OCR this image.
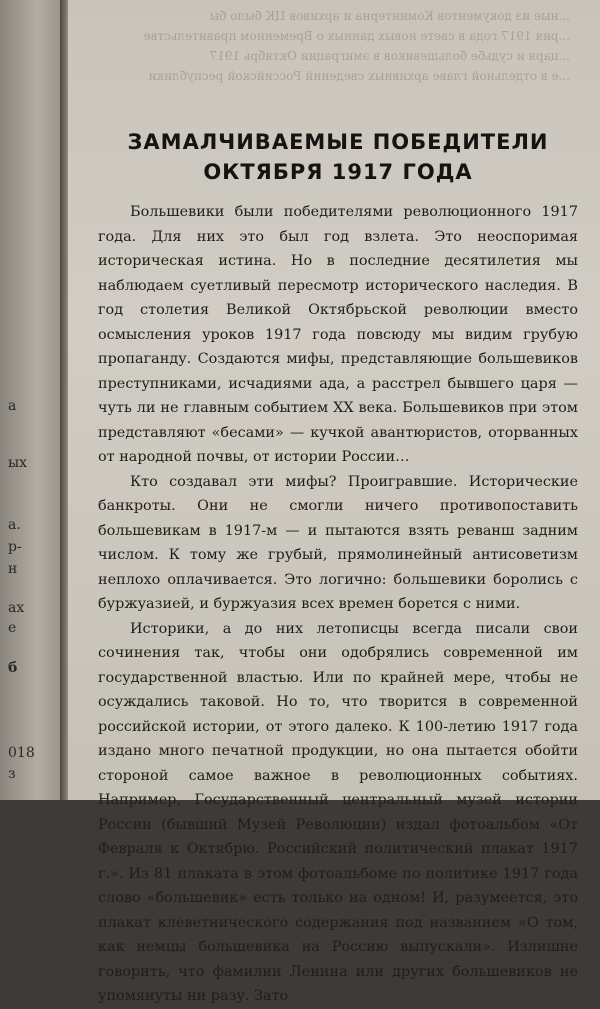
а
ых
а.
р-
н
ах
е
б
018
з
...ные из документов Коминтерна и архивов ЦК было бы
...рия 1917 года в свете новых данных о Временном правительстве
...царя и судьбе большевиков в эмиграции Октябрь 1917
...е в отдельной главе архивных сведений Российской республики
ЗАМАЛЧИВАЕМЫЕ ПОБЕДИТЕЛИ
ОКТЯБРЯ 1917 ГОДА

Большевики были победителями революционного 1917 года. Для них это был год взлета. Это неоспоримая историческая истина. Но в последние десятилетия мы наблюдаем суетливый пересмотр исторического наследия. В год столетия Великой Октябрьской революции вместо осмысления уроков 1917 года повсюду мы видим грубую пропаганду. Создаются мифы, представляющие большевиков преступниками, исчадиями ада, а расстрел бывшего царя — чуть ли не главным событием XX века. Большевиков при этом представляют «бесами» — кучкой авантюристов, оторванных от народной почвы, от истории России…

Кто создавал эти мифы? Проигравшие. Исторические банкроты. Они не смогли ничего противопоставить большевикам в 1917-м — и пытаются взять реванш задним числом. К тому же грубый, прямолинейный антисоветизм неплохо оплачивается. Это логично: большевики боролись с буржуазией, и буржуазия всех времен борется с ними.

Историки, а до них летописцы всегда писали свои сочинения так, чтобы они одобрялись современной им государственной властью. Или по крайней мере, чтобы не осуждались таковой. Но то, что творится в современной российской истории, от этого далеко. К 100-летию 1917 года издано много печатной продукции, но она пытается обойти стороной самое важное в революционных событиях. Например, Государственный центральный музей истории России (бывший Музей Революции) издал фотоальбом «От Февраля к Октябрю. Российский политический плакат 1917 г.». Из 81 плаката в этом фотоальбоме по политике 1917 года слово «большевик» есть только на одном! И, разумеется, это плакат клеветнического содержания под названием «О том, как немцы большевика на Россию выпускали». Излишне говорить, что фамилии Ленина или других большевиков не упомянуты ни разу. Зато
